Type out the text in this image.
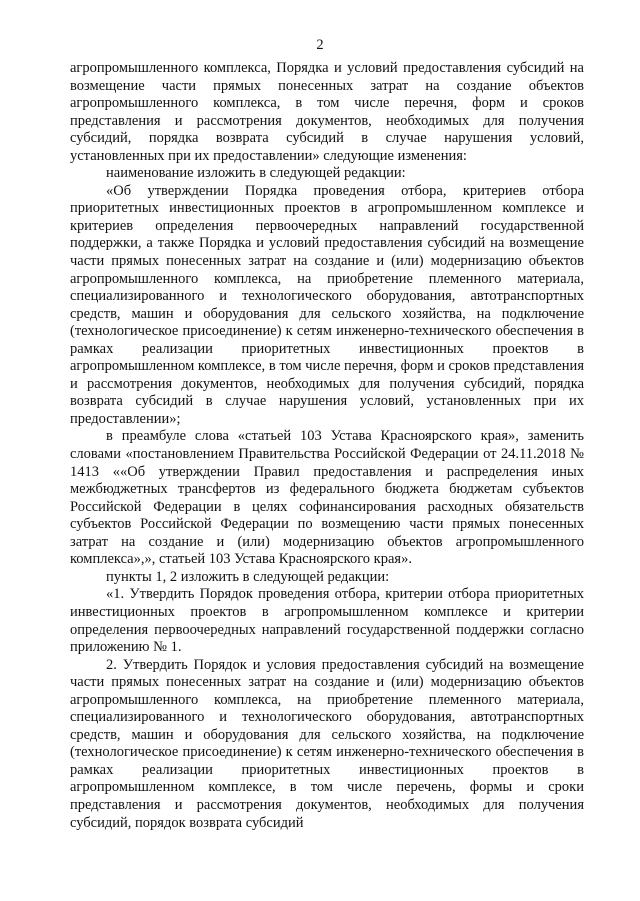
2

агропромышленного комплекса, Порядка и условий предоставления субсидий на возмещение части прямых понесенных затрат на создание объектов агропромышленного комплекса, в том числе перечня, форм и сроков представления и рассмотрения документов, необходимых для получения субсидий, порядка возврата субсидий в случае нарушения условий, установленных при их предоставлении» следующие изменения:

наименование изложить в следующей редакции:

«Об утверждении Порядка проведения отбора, критериев отбора приоритетных инвестиционных проектов в агропромышленном комплексе и критериев определения первоочередных направлений государственной поддержки, а также Порядка и условий предоставления субсидий на возмещение части прямых понесенных затрат на создание и (или) модернизацию объектов агропромышленного комплекса, на приобретение племенного материала, специализированного и технологического оборудования, автотранспортных средств, машин и оборудования для сельского хозяйства, на подключение (технологическое присоединение) к сетям инженерно-технического обеспечения в рамках реализации приоритетных инвестиционных проектов в агропромышленном комплексе, в том числе перечня, форм и сроков представления и рассмотрения документов, необходимых для получения субсидий, порядка возврата субсидий в случае нарушения условий, установленных при их предоставлении»;

в преамбуле слова «статьей 103 Устава Красноярского края», заменить словами «постановлением Правительства Российской Федерации от 24.11.2018 № 1413 ««Об утверждении Правил предоставления и распределения иных межбюджетных трансфертов из федерального бюджета бюджетам субъектов Российской Федерации в целях софинансирования расходных обязательств субъектов Российской Федерации по возмещению части прямых понесенных затрат на создание и (или) модернизацию объектов агропромышленного комплекса»,», статьей 103 Устава Красноярского края».

пункты 1, 2 изложить в следующей редакции:

«1. Утвердить Порядок проведения отбора, критерии отбора приоритетных инвестиционных проектов в агропромышленном комплексе и критерии определения первоочередных направлений государственной поддержки согласно приложению № 1.

2. Утвердить Порядок и условия предоставления субсидий на возмещение части прямых понесенных затрат на создание и (или) модернизацию объектов агропромышленного комплекса, на приобретение племенного материала, специализированного и технологического оборудования, автотранспортных средств, машин и оборудования для сельского хозяйства, на подключение (технологическое присоединение) к сетям инженерно-технического обеспечения в рамках реализации приоритетных инвестиционных проектов в агропромышленном комплексе, в том числе перечень, формы и сроки представления и рассмотрения документов, необходимых для получения субсидий, порядок возврата субсидий
